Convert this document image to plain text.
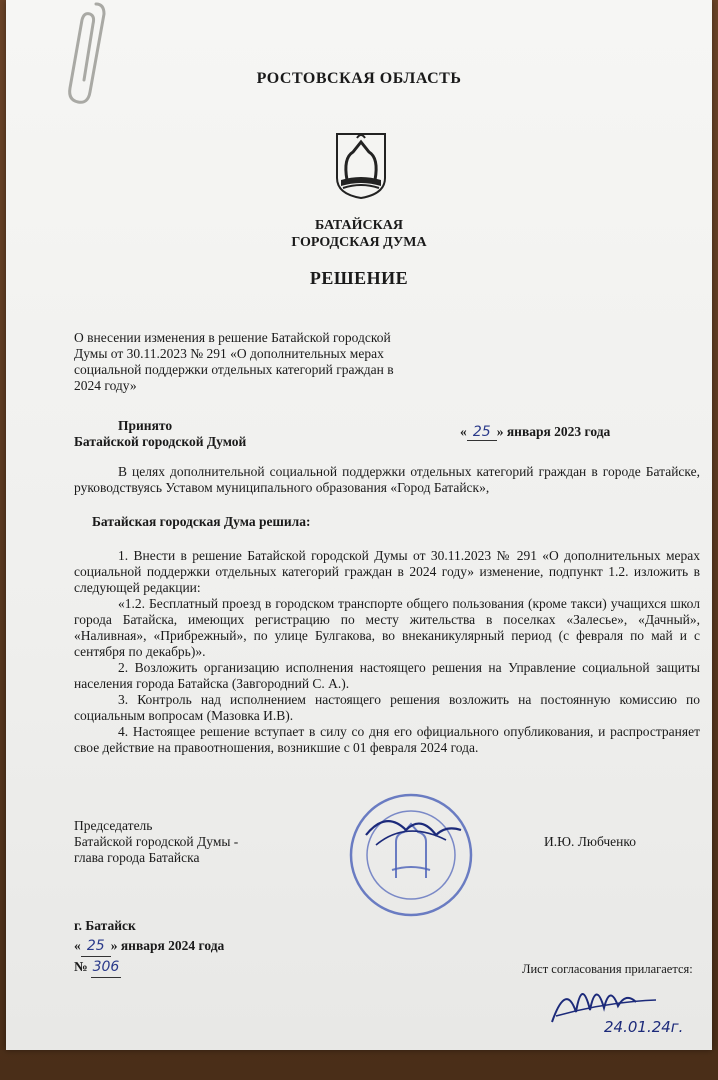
РОСТОВСКАЯ ОБЛАСТЬ
БАТАЙСКАЯ
ГОРОДСКАЯ ДУМА
РЕШЕНИЕ
О внесении изменения в решение Батайской городской Думы от 30.11.2023 № 291 «О дополнительных мерах социальной поддержки отдельных категорий граждан в 2024 году»
Принято
Батайской городской Думой
« 25 » января 2023 года

В целях дополнительной социальной поддержки отдельных категорий граждан в городе Батайске, руководствуясь Уставом муниципального образования «Город Батайск»,

Батайская городская Дума решила:

1. Внести в решение Батайской городской Думы от 30.11.2023 № 291 «О дополнительных мерах социальной поддержки отдельных категорий граждан в 2024 году» изменение, подпункт 1.2. изложить в следующей редакции:

«1.2. Бесплатный проезд в городском транспорте общего пользования (кроме такси) учащихся школ города Батайска, имеющих регистрацию по месту жительства в поселках «Залесье», «Дачный», «Наливная», «Прибрежный», по улице Булгакова, во внеканикулярный период (с февраля по май и с сентября по декабрь)».

2. Возложить организацию исполнения настоящего решения на Управление социальной защиты населения города Батайска (Завгородний С. А.).

3. Контроль над исполнением настоящего решения возложить на постоянную комиссию по социальным вопросам (Мазовка И.В).

4. Настоящее решение вступает в силу со дня его официального опубликования, и распространяет свое действие на правоотношения, возникшие с 01 февраля 2024 года.

Председатель
Батайской городской Думы -
глава города Батайска
И.Ю. Любченко
г. Батайск
« 25 » января 2024 года
№ 306	Лист согласования прилагается:
24.01.24г.
